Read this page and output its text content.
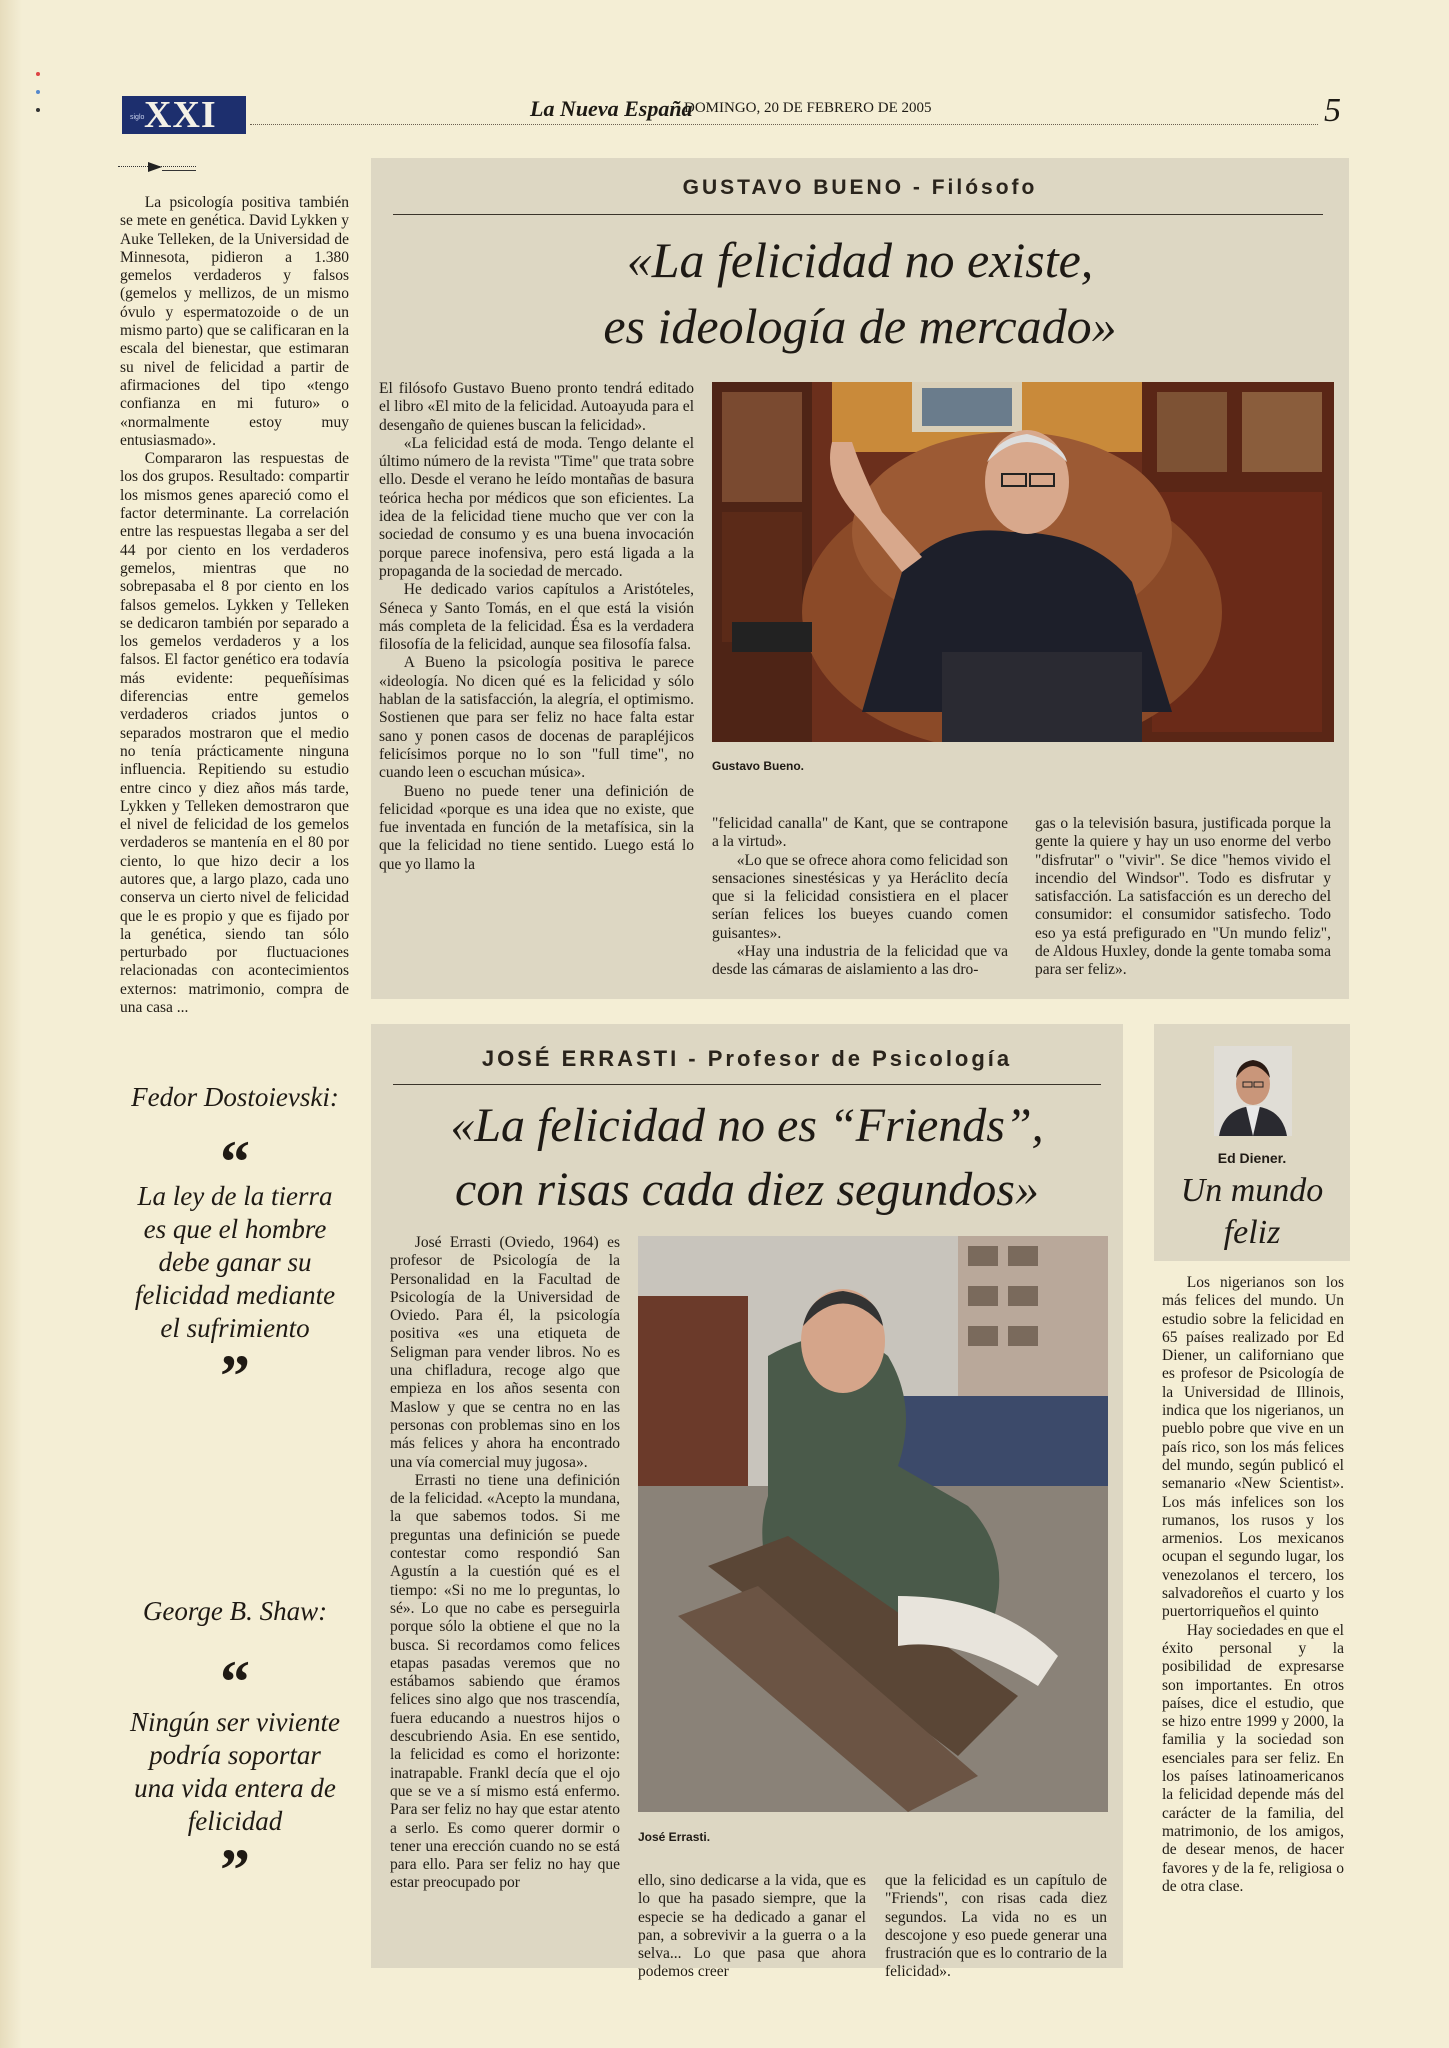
siglo XXI	La Nueva España
DOMINGO, 20 DE FEBRERO DE 2005	5

La psicología positiva también se mete en genética. David Lykken y Auke Telleken, de la Universidad de Minnesota, pidieron a 1.380 gemelos verdaderos y falsos (gemelos y mellizos, de un mismo óvulo y espermatozoide o de un mismo parto) que se calificaran en la escala del bienestar, que estimaran su nivel de felicidad a partir de afirmaciones del tipo «tengo confianza en mi futuro» o «normalmente estoy muy entusiasmado».

Compararon las respuestas de los dos grupos. Resultado: compartir los mismos genes apareció como el factor determinante. La correlación entre las respuestas llegaba a ser del 44 por ciento en los verdaderos gemelos, mientras que no sobrepasaba el 8 por ciento en los falsos gemelos. Lykken y Telleken se dedicaron también por separado a los gemelos verdaderos y a los falsos. El factor genético era todavía más evidente: pequeñísimas diferencias entre gemelos verdaderos criados juntos o separados mostraron que el medio no tenía prácticamente ninguna influencia. Repitiendo su estudio entre cinco y diez años más tarde, Lykken y Telleken demostraron que el nivel de felicidad de los gemelos verdaderos se mantenía en el 80 por ciento, lo que hizo decir a los autores que, a largo plazo, cada uno conserva un cierto nivel de felicidad que le es propio y que es fijado por la genética, siendo tan sólo perturbado por fluctuaciones relacionadas con acontecimientos externos: matrimonio, compra de una casa ...

GUSTAVO BUENO - Filósofo
«La felicidad no existe,
es ideología de mercado»

El filósofo Gustavo Bueno pronto tendrá editado el libro «El mito de la felicidad. Autoayuda para el desengaño de quienes buscan la felicidad».

«La felicidad está de moda. Tengo delante el último número de la revista "Time" que trata sobre ello. Desde el verano he leído montañas de basura teórica hecha por médicos que son eficientes. La idea de la felicidad tiene mucho que ver con la sociedad de consumo y es una buena invocación porque parece inofensiva, pero está ligada a la propaganda de la sociedad de mercado.

He dedicado varios capítulos a Aristóteles, Séneca y Santo Tomás, en el que está la visión más completa de la felicidad. Ésa es la verdadera filosofía de la felicidad, aunque sea filosofía falsa.

A Bueno la psicología positiva le parece «ideología. No dicen qué es la felicidad y sólo hablan de la satisfacción, la alegría, el optimismo. Sostienen que para ser feliz no hace falta estar sano y ponen casos de docenas de parapléjicos felicísimos porque no lo son "full time", no cuando leen o escuchan música».

Bueno no puede tener una definición de felicidad «porque es una idea que no existe, que fue inventada en función de la metafísica, sin la que la felicidad no tiene sentido. Luego está lo que yo llamo la

Gustavo Bueno.

"felicidad canalla" de Kant, que se contrapone a la virtud».

«Lo que se ofrece ahora como felicidad son sensaciones sinestésicas y ya Heráclito decía que si la felicidad consistiera en el placer serían felices los bueyes cuando comen guisantes».

«Hay una industria de la felicidad que va desde las cámaras de aislamiento a las dro-

gas o la televisión basura, justificada porque la gente la quiere y hay un uso enorme del verbo "disfrutar" o "vivir". Se dice "hemos vivido el incendio del Windsor". Todo es disfrutar y satisfacción. La satisfacción es un derecho del consumidor: el consumidor satisfecho. Todo eso ya está prefigurado en "Un mundo feliz", de Aldous Huxley, donde la gente tomaba soma para ser feliz».

Fedor Dostoievski:
“
La ley de la tierra es que el hombre debe ganar su felicidad mediante el sufrimiento
”
George B. Shaw:
“
Ningún ser viviente podría soportar una vida entera de felicidad
”
JOSÉ ERRASTI - Profesor de Psicología
«La felicidad no es “Friends”,
con risas cada diez segundos»

José Errasti (Oviedo, 1964) es profesor de Psicología de la Personalidad en la Facultad de Psicología de la Universidad de Oviedo. Para él, la psicología positiva «es una etiqueta de Seligman para vender libros. No es una chifladura, recoge algo que empieza en los años sesenta con Maslow y que se centra no en las personas con problemas sino en los más felices y ahora ha encontrado una vía comercial muy jugosa».

Errasti no tiene una definición de la felicidad. «Acepto la mundana, la que sabemos todos. Si me preguntas una definición se puede contestar como respondió San Agustín a la cuestión qué es el tiempo: «Si no me lo preguntas, lo sé». Lo que no cabe es perseguirla porque sólo la obtiene el que no la busca. Si recordamos como felices etapas pasadas veremos que no estábamos sabiendo que éramos felices sino algo que nos trascendía, fuera educando a nuestros hijos o descubriendo Asia. En ese sentido, la felicidad es como el horizonte: inatrapable. Frankl decía que el ojo que se ve a sí mismo está enfermo. Para ser feliz no hay que estar atento a serlo. Es como querer dormir o tener una erección cuando no se está para ello. Para ser feliz no hay que estar preocupado por

José Errasti.

ello, sino dedicarse a la vida, que es lo que ha pasado siempre, que la especie se ha dedicado a ganar el pan, a sobrevivir a la guerra o a la selva... Lo que pasa que ahora podemos creer

que la felicidad es un capítulo de "Friends", con risas cada diez segundos. La vida no es un descojone y eso puede generar una frustración que es lo contrario de la felicidad».

Ed Diener.
Un mundo
feliz

Los nigerianos son los más felices del mundo. Un estudio sobre la felicidad en 65 países realizado por Ed Diener, un californiano que es profesor de Psicología de la Universidad de Illinois, indica que los nigerianos, un pueblo pobre que vive en un país rico, son los más felices del mundo, según publicó el semanario «New Scientist». Los más infelices son los rumanos, los rusos y los armenios. Los mexicanos ocupan el segundo lugar, los venezolanos el tercero, los salvadoreños el cuarto y los puertorriqueños el quinto

Hay sociedades en que el éxito personal y la posibilidad de expresarse son importantes. En otros países, dice el estudio, que se hizo entre 1999 y 2000, la familia y la sociedad son esenciales para ser feliz. En los países latinoamericanos la felicidad depende más del carácter de la familia, del matrimonio, de los amigos, de desear menos, de hacer favores y de la fe, religiosa o de otra clase.
